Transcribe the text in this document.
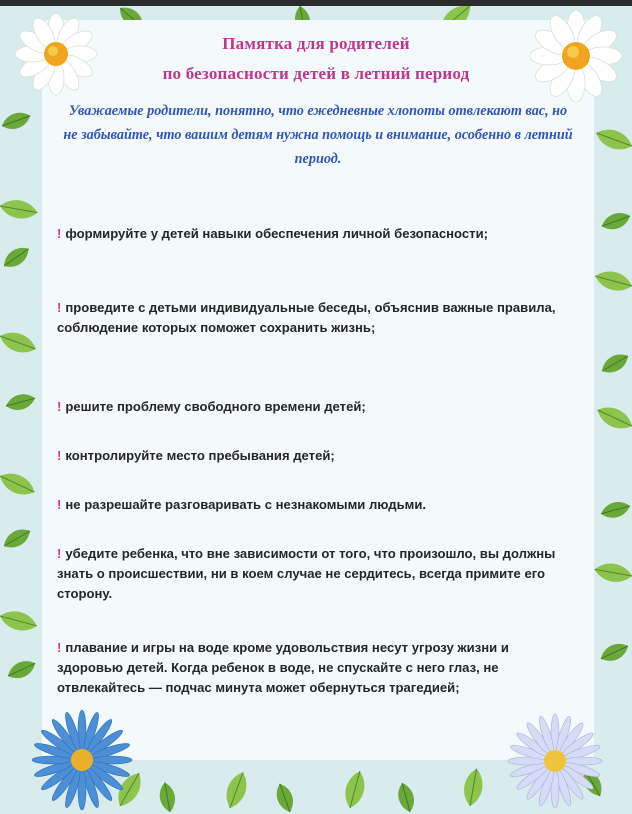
Памятка для родителей
по безопасности детей в летний период
Уважаемые родители, понятно, что ежедневные хлопоты отвлекают вас, но не забывайте, что вашим детям нужна помощь и внимание, особенно в летний период.
! формируйте у детей навыки обеспечения личной безопасности;
! проведите с детьми индивидуальные беседы, объяснив важные правила, соблюдение которых поможет сохранить жизнь;
! решите проблему свободного времени детей;
! контролируйте место пребывания детей;
! не разрешайте разговаривать с незнакомыми людьми.
! убедите ребенка, что вне зависимости от того, что произошло, вы должны знать о происшествии, ни в коем случае не сердитесь, всегда примите его сторону.
! плавание и игры на воде кроме удовольствия несут угрозу жизни и здоровью детей. Когда ребенок в воде, не спускайте с него глаз, не отвлекайтесь — подчас минута может обернуться трагедией;
